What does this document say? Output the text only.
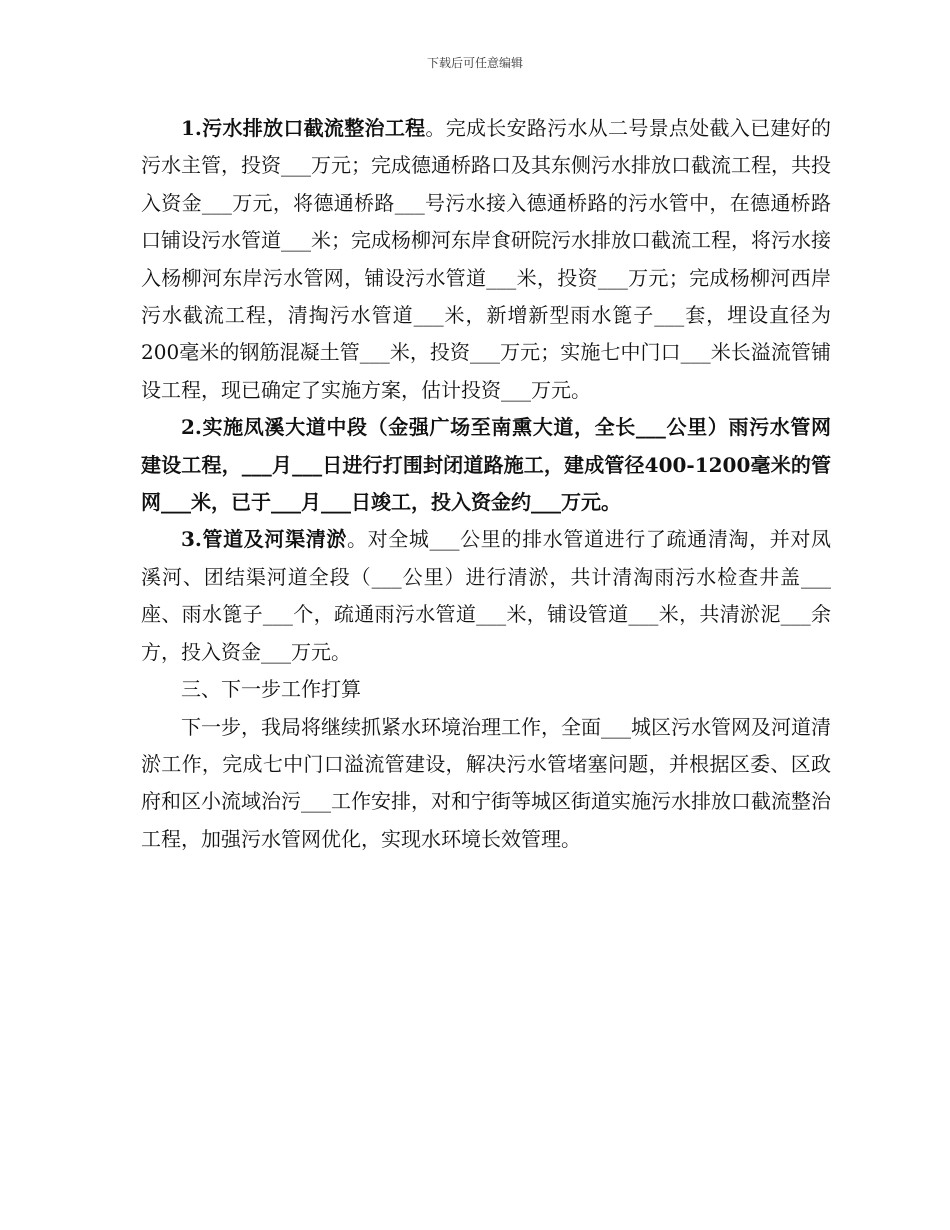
下载后可任意编辑

1.污水排放口截流整治工程。完成长安路污水从二号景点处截入已建好的污水主管，投资___万元；完成德通桥路口及其东侧污水排放口截流工程，共投入资金___万元，将德通桥路___号污水接入德通桥路的污水管中，在德通桥路口铺设污水管道___米；完成杨柳河东岸食研院污水排放口截流工程，将污水接入杨柳河东岸污水管网，铺设污水管道___米，投资___万元；完成杨柳河西岸污水截流工程，清掏污水管道___米，新增新型雨水篦子___套，埋设直径为200毫米的钢筋混凝土管___米，投资___万元；实施七中门口___米长溢流管铺设工程，现已确定了实施方案，估计投资___万元。

2.实施凤溪大道中段（金强广场至南熏大道，全长___公里）雨污水管网建设工程，___月___日进行打围封闭道路施工，建成管径400-1200毫米的管网___米，已于___月___日竣工，投入资金约___万元。

3.管道及河渠清淤。对全城___公里的排水管道进行了疏通清淘，并对凤溪河、团结渠河道全段（___公里）进行清淤，共计清淘雨污水检查井盖___座、雨水篦子___个，疏通雨污水管道___米，铺设管道___米，共清淤泥___余方，投入资金___万元。

三、下一步工作打算

下一步，我局将继续抓紧水环境治理工作，全面___城区污水管网及河道清淤工作，完成七中门口溢流管建设，解决污水管堵塞问题，并根据区委、区政府和区小流域治污___工作安排，对和宁街等城区街道实施污水排放口截流整治工程，加强污水管网优化，实现水环境长效管理。
